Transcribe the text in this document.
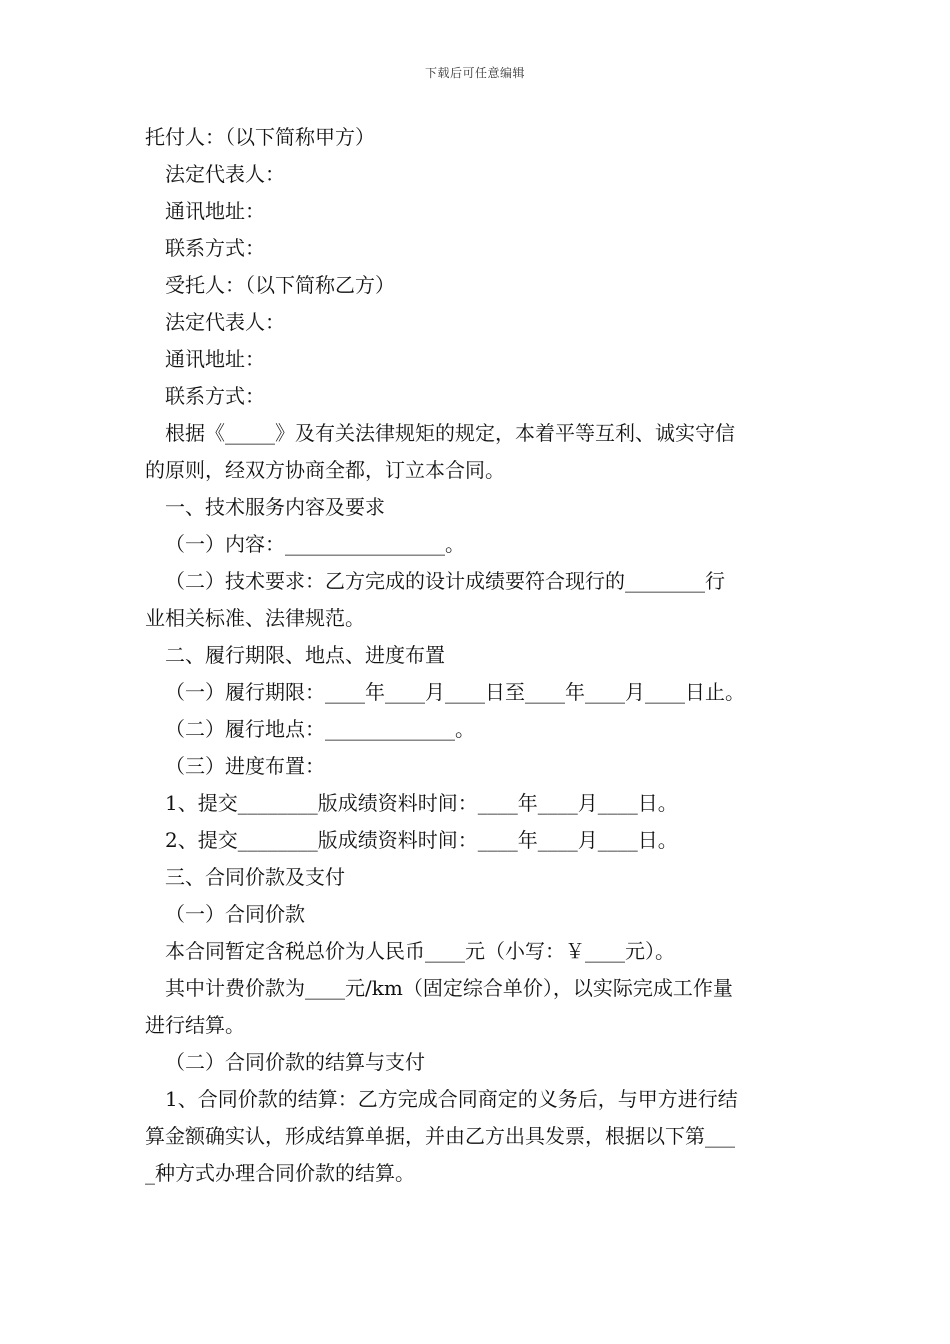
下载后可任意编辑

托付人：（以下简称甲方）

法定代表人：

通讯地址：

联系方式：

受托人：（以下简称乙方）

法定代表人：

通讯地址：

联系方式：

根据《_____》及有关法律规矩的规定，本着平等互利、诚实守信

的原则，经双方协商全都，订立本合同。

一、技术服务内容及要求

（一）内容：________________。

（二）技术要求：乙方完成的设计成绩要符合现行的________行

业相关标准、法律规范。

二、履行期限、地点、进度布置

（一）履行期限：____年____月____日至____年____月____日止。

（二）履行地点：_____________。

（三）进度布置：

1、提交________版成绩资料时间：____年____月____日。

2、提交________版成绩资料时间：____年____月____日。

三、合同价款及支付

（一）合同价款

本合同暂定含税总价为人民币____元（小写：￥____元）。

其中计费价款为____元/km（固定综合单价），以实际完成工作量

进行结算。

（二）合同价款的结算与支付

1、合同价款的结算：乙方完成合同商定的义务后，与甲方进行结

算金额确实认，形成结算单据，并由乙方出具发票，根据以下第___

_种方式办理合同价款的结算。
